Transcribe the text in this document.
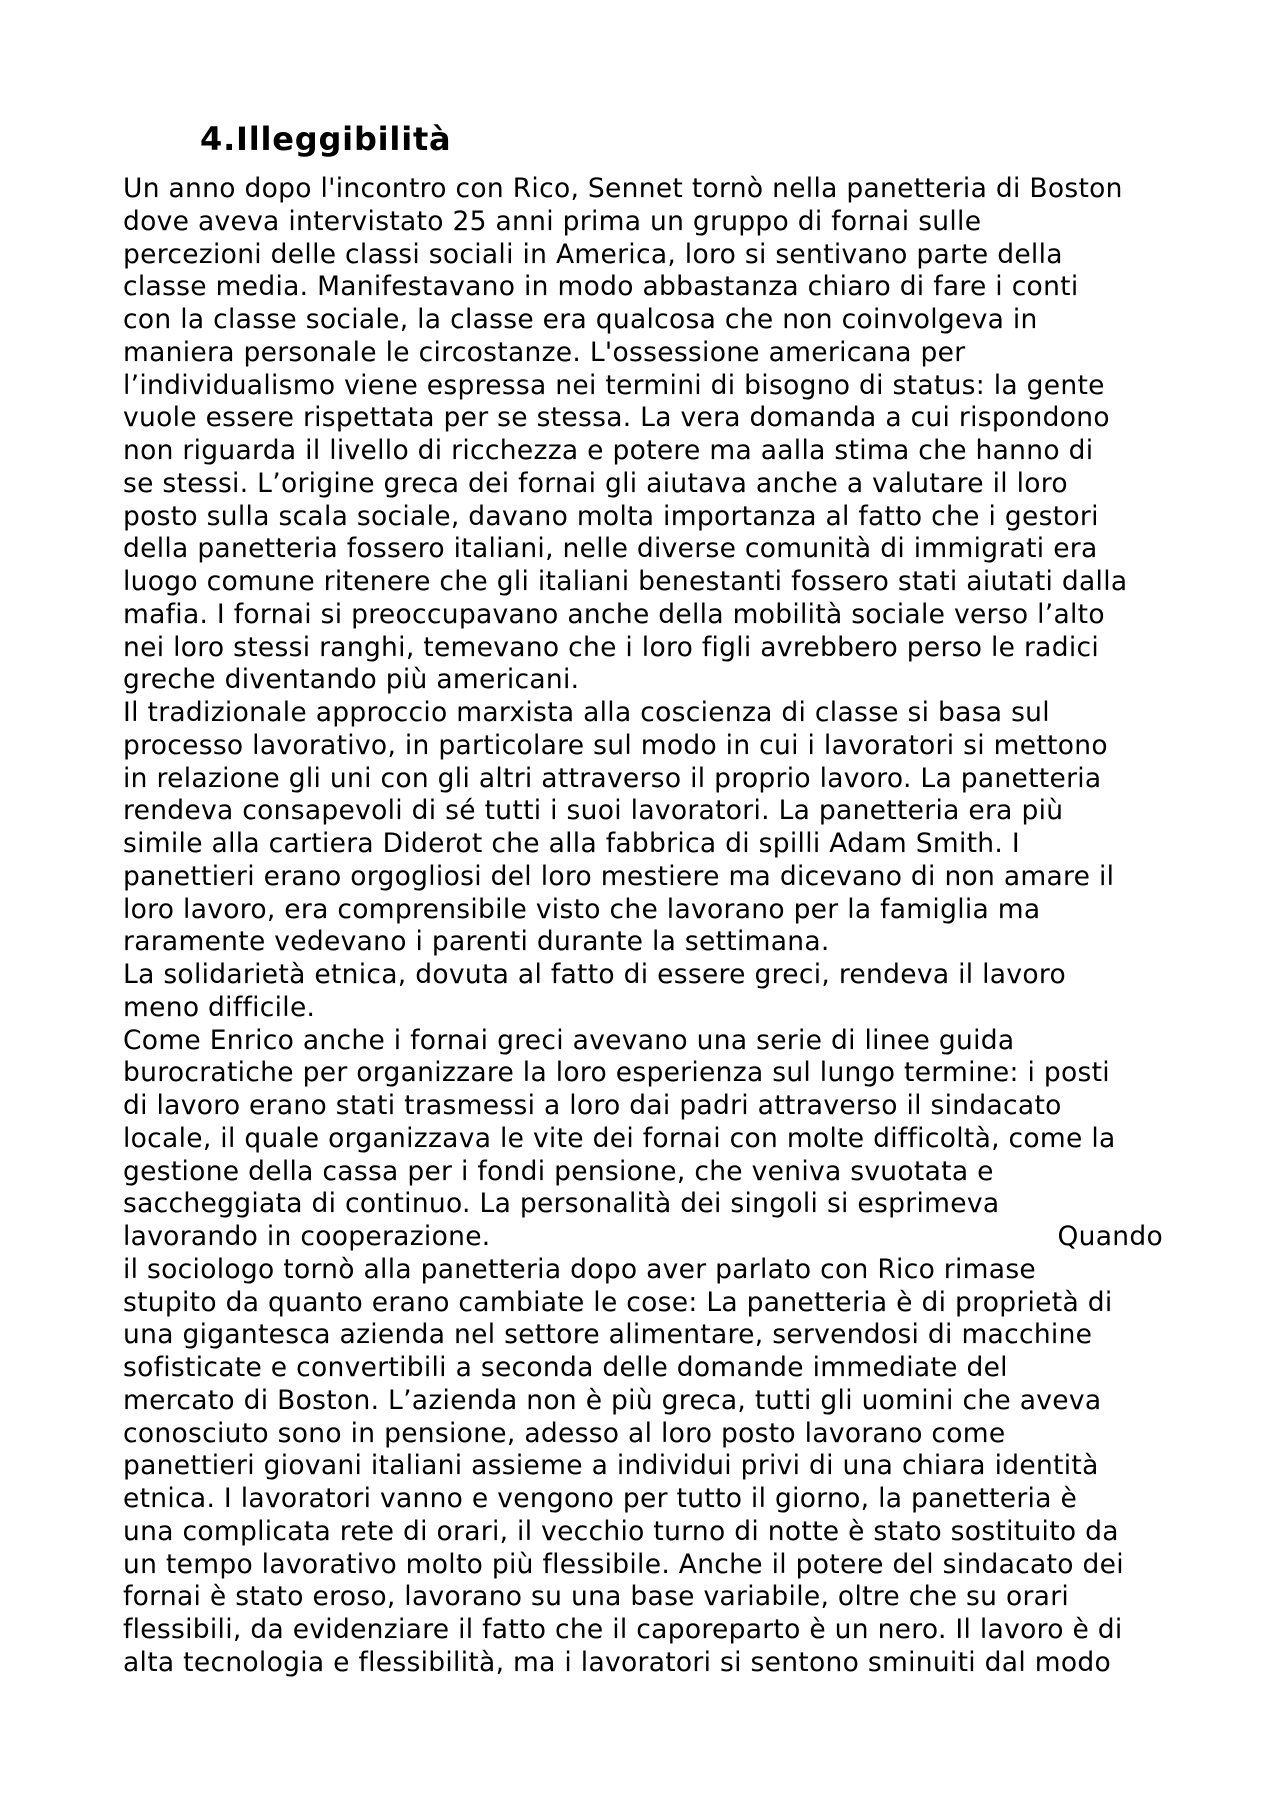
4.Illeggibilità
Un anno dopo l'incontro con Rico, Sennet tornò nella panetteria di Boston
dove aveva intervistato 25 anni prima un gruppo di fornai sulle
percezioni delle classi sociali in America, loro si sentivano parte della
classe media. Manifestavano in modo abbastanza chiaro di fare i conti
con la classe sociale, la classe era qualcosa che non coinvolgeva in
maniera personale le circostanze. L'ossessione americana per
l’individualismo viene espressa nei termini di bisogno di status: la gente
vuole essere rispettata per se stessa. La vera domanda a cui rispondono
non riguarda il livello di ricchezza e potere ma aalla stima che hanno di
se stessi. L’origine greca dei fornai gli aiutava anche a valutare il loro
posto sulla scala sociale, davano molta importanza al fatto che i gestori
della panetteria fossero italiani, nelle diverse comunità di immigrati era
luogo comune ritenere che gli italiani benestanti fossero stati aiutati dalla
mafia. I fornai si preoccupavano anche della mobilità sociale verso l’alto
nei loro stessi ranghi, temevano che i loro figli avrebbero perso le radici
greche diventando più americani.
Il tradizionale approccio marxista alla coscienza di classe si basa sul
processo lavorativo, in particolare sul modo in cui i lavoratori si mettono
in relazione gli uni con gli altri attraverso il proprio lavoro. La panetteria
rendeva consapevoli di sé tutti i suoi lavoratori. La panetteria era più
simile alla cartiera Diderot che alla fabbrica di spilli Adam Smith. I
panettieri erano orgogliosi del loro mestiere ma dicevano di non amare il
loro lavoro, era comprensibile visto che lavorano per la famiglia ma
raramente vedevano i parenti durante la settimana.
La solidarietà etnica, dovuta al fatto di essere greci, rendeva il lavoro
meno difficile.
Come Enrico anche i fornai greci avevano una serie di linee guida
burocratiche per organizzare la loro esperienza sul lungo termine: i posti
di lavoro erano stati trasmessi a loro dai padri attraverso il sindacato
locale, il quale organizzava le vite dei fornai con molte difficoltà, come la
gestione della cassa per i fondi pensione, che veniva svuotata e
saccheggiata di continuo. La personalità dei singoli si esprimeva
lavorando in cooperazione.	Quando
il sociologo tornò alla panetteria dopo aver parlato con Rico rimase
stupito da quanto erano cambiate le cose: La panetteria è di proprietà di
una gigantesca azienda nel settore alimentare, servendosi di macchine
sofisticate e convertibili a seconda delle domande immediate del
mercato di Boston. L’azienda non è più greca, tutti gli uomini che aveva
conosciuto sono in pensione, adesso al loro posto lavorano come
panettieri giovani italiani assieme a individui privi di una chiara identità
etnica. I lavoratori vanno e vengono per tutto il giorno, la panetteria è
una complicata rete di orari, il vecchio turno di notte è stato sostituito da
un tempo lavorativo molto più flessibile. Anche il potere del sindacato dei
fornai è stato eroso, lavorano su una base variabile, oltre che su orari
flessibili, da evidenziare il fatto che il caporeparto è un nero. Il lavoro è di
alta tecnologia e flessibilità, ma i lavoratori si sentono sminuiti dal modo
